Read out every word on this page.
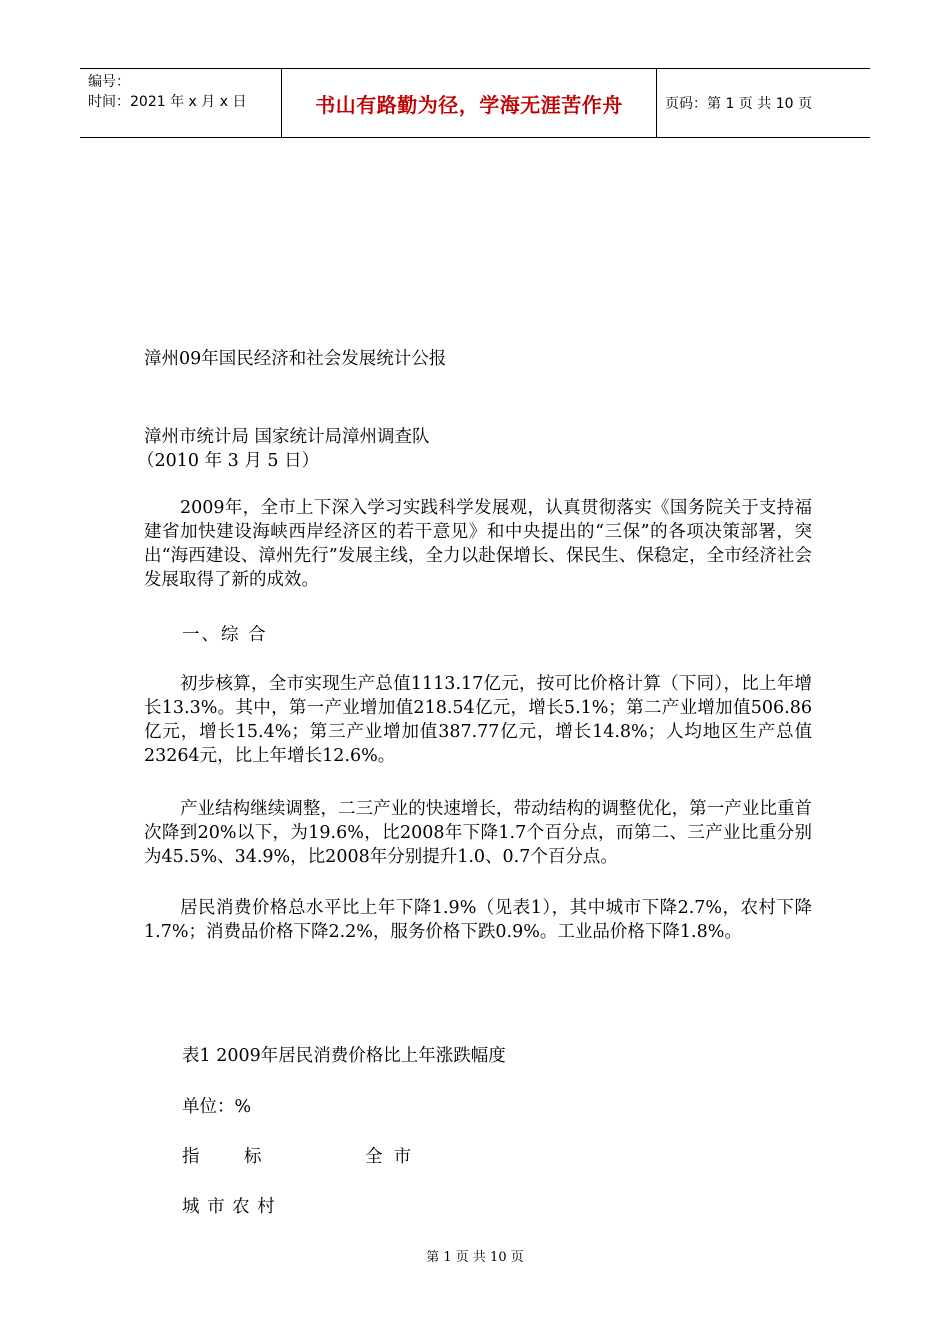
编号：
时间：2021 年 x 月 x 日	书山有路勤为径，学海无涯苦作舟	页码：第 1 页 共 10 页
漳州09年国民经济和社会发展统计公报
漳州市统计局 国家统计局漳州调查队
（2010 年 3 月 5 日）
2009年，全市上下深入学习实践科学发展观，认真贯彻落实《国务院关于支持福建省加快建设海峡西岸经济区的若干意见》和中央提出的“三保”的各项决策部署，突出“海西建设、漳州先行”发展主线，全力以赴保增长、保民生、保稳定，全市经济社会发展取得了新的成效。
一、综 合
初步核算，全市实现生产总值1113.17亿元，按可比价格计算（下同），比上年增长13.3%。其中，第一产业增加值218.54亿元，增长5.1%；第二产业增加值506.86亿元，增长15.4%；第三产业增加值387.77亿元，增长14.8%；人均地区生产总值23264元，比上年增长12.6%。
产业结构继续调整，二三产业的快速增长，带动结构的调整优化，第一产业比重首次降到20%以下，为19.6%，比2008年下降1.7个百分点，而第二、三产业比重分别为45.5%、34.9%，比2008年分别提升1.0、0.7个百分点。
居民消费价格总水平比上年下降1.9%（见表1），其中城市下降2.7%，农村下降1.7%；消费品价格下降2.2%，服务价格下跌0.9%。工业品价格下降1.8%。
表1 2009年居民消费价格比上年涨跌幅度
单位：%
指        标	全  市
城 市 农 村
第 1 页 共 10 页
